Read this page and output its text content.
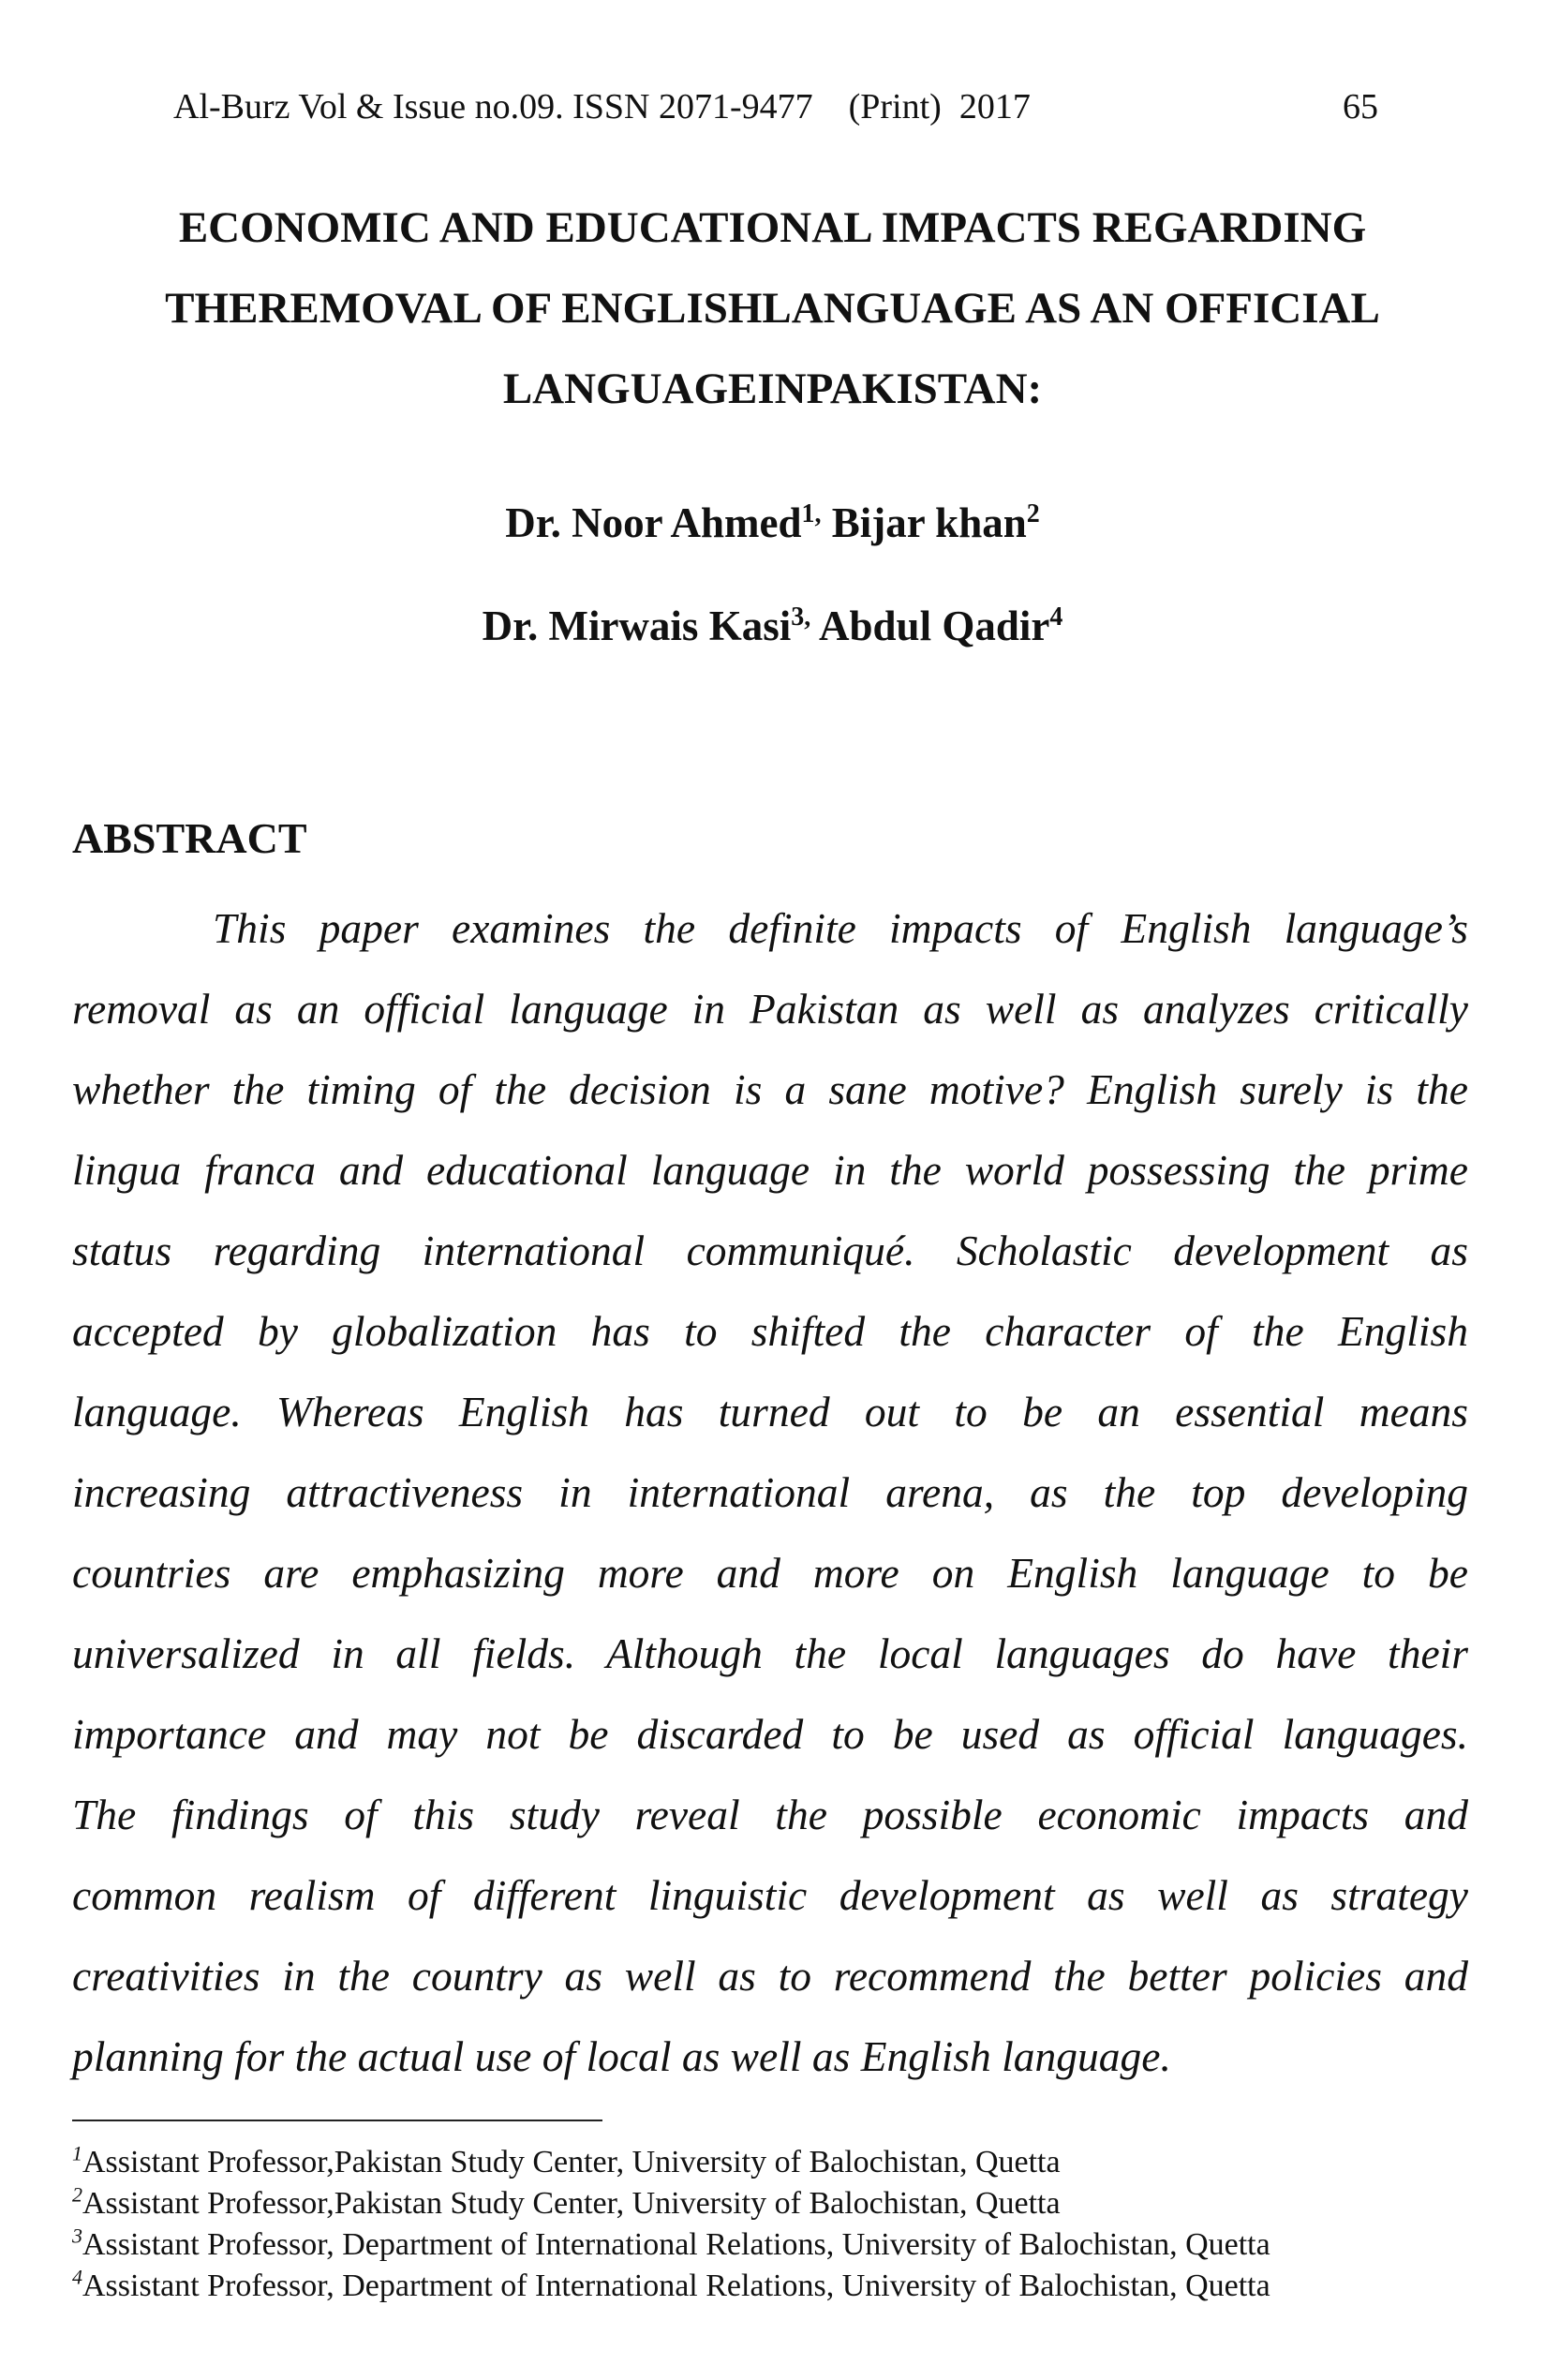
Al-Burz Vol & Issue no.09. ISSN 2071-9477    (Print)  2017	65
ECONOMIC AND EDUCATIONAL IMPACTS REGARDING
THEREMOVAL OF ENGLISHLANGUAGE AS AN OFFICIAL
LANGUAGEINPAKISTAN:
Dr. Noor Ahmed$^{1,}$ Bijar khan$^2$
Dr. Mirwais Kasi$^{3,}$ Abdul Qadir$^4$
ABSTRACT
This paper examines the definite impacts of English language’s
removal as an official language in Pakistan as well as analyzes critically
whether the timing of the decision is a sane motive? English surely is the
lingua franca and educational language in the world possessing the prime
status regarding international communiqué. Scholastic development as
accepted by globalization has to shifted the character of the English
language. Whereas English has turned out to be an essential means
increasing attractiveness in international arena, as the top developing
countries are emphasizing more and more on English language to be
universalized in all fields. Although the local languages do have their
importance and may not be discarded to be used as official languages.
The findings of this study reveal the possible economic impacts and
common realism of different linguistic development as well as strategy
creativities in the country as well as to recommend the better policies and
planning for the actual use of local as well as English language.
$^1$Assistant Professor,Pakistan Study Center, University of Balochistan, Quetta
$^2$Assistant Professor,Pakistan Study Center, University of Balochistan, Quetta
$^3$Assistant Professor, Department of International Relations, University of Balochistan, Quetta
$^4$Assistant Professor, Department of International Relations, University of Balochistan, Quetta
